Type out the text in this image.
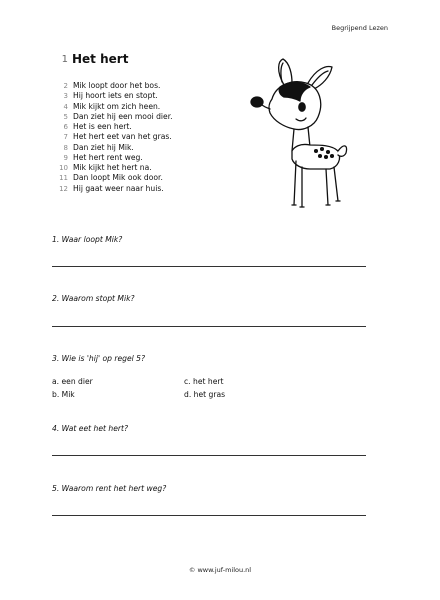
Begrijpend Lezen
1 Het hert
2 Mik loopt door het bos.
3 Hij hoort iets en stopt.
4 Mik kijkt om zich heen.
5 Dan ziet hij een mooi dier.
6 Het is een hert.
7 Het hert eet van het gras.
8 Dan ziet hij Mik.
9 Het hert rent weg.
10 Mik kijkt het hert na.
11 Dan loopt Mik ook door.
12 Hij gaat weer naar huis.
1. Waar loopt Mik?
2. Waarom stopt Mik?
3. Wie is 'hij' op regel 5?
a. een dier	c. het hert
b. Mik	d. het gras
4. Wat eet het hert?
5. Waarom rent het hert weg?
© www.juf-milou.nl
